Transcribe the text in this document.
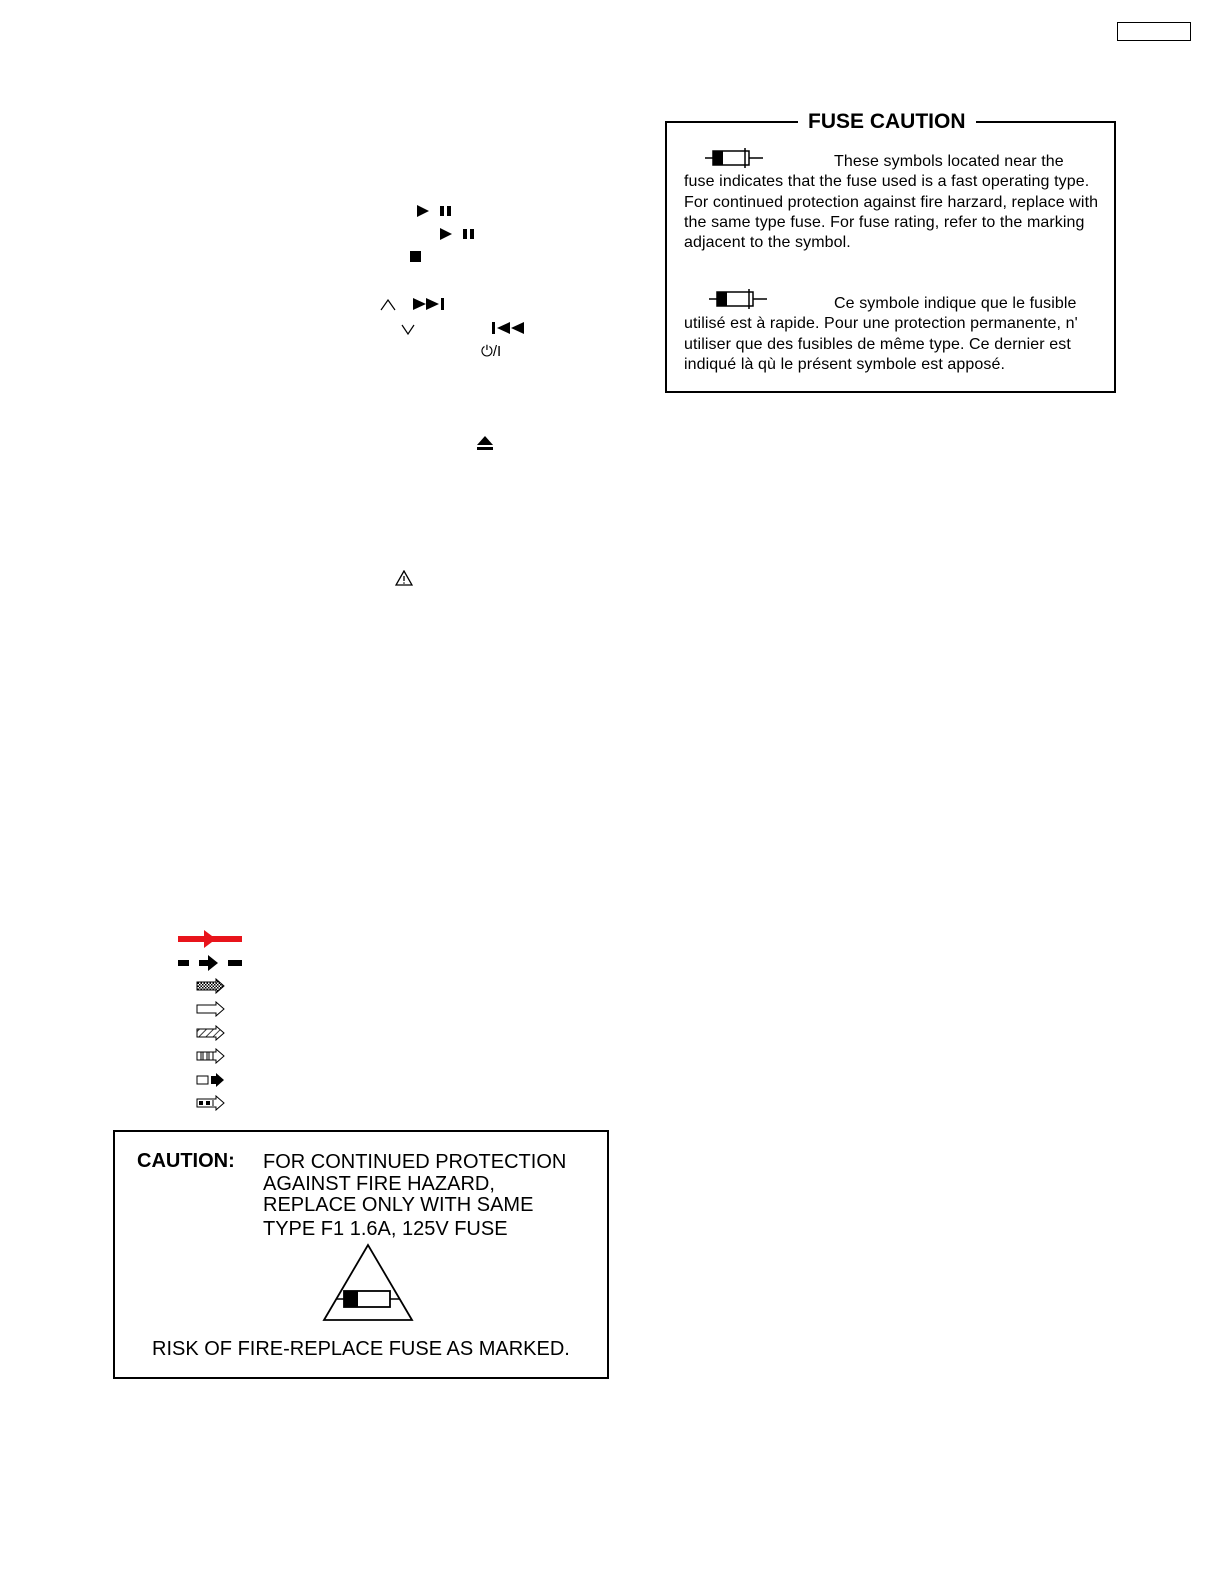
These symbols located near the
fuse indicates that the fuse used is a fast operating type. For continued protection against fire harzard, replace with the same type fuse. For fuse rating, refer to the marking adjacent to the symbol.
Ce symbole indique que le fusible
utilisé est à rapide. Pour une protection permanente, n' utiliser que des fusibles de même type. Ce dernier est indiqué là qù le présent symbole est apposé.
FUSE CAUTION
⏻/I
CAUTION: FOR CONTINUED PROTECTION
AGAINST FIRE HAZARD,
REPLACE ONLY WITH SAME
TYPE F1 1.6A, 125V FUSE
RISK OF FIRE-REPLACE FUSE AS MARKED.
